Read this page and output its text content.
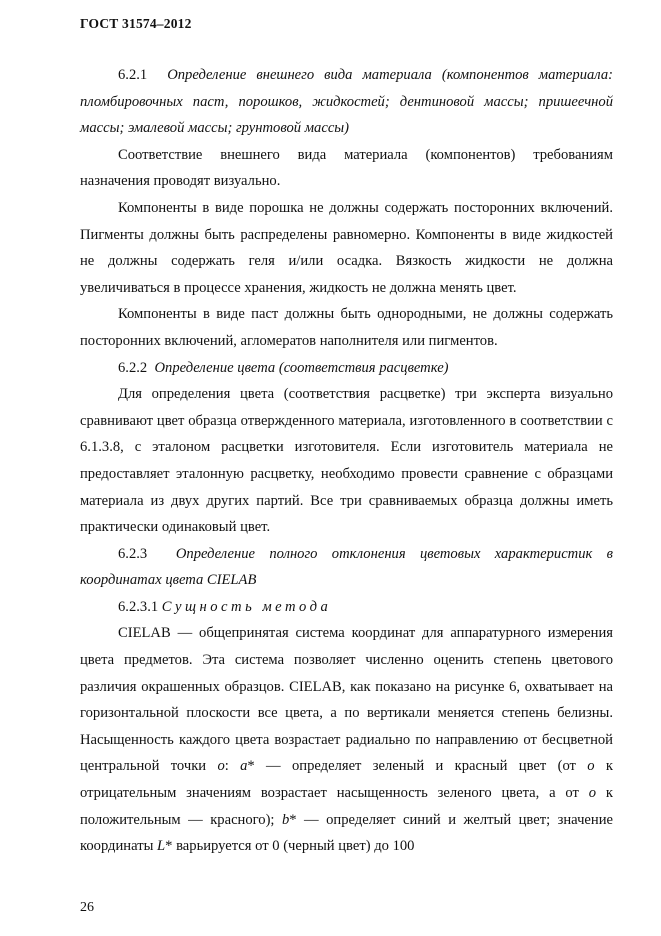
ГОСТ 31574–2012

6.2.1 Определение внешнего вида материала (компонентов материала: пломбировочных паст, порошков, жидкостей; дентиновой массы; пришеечной массы; эмалевой массы; грунтовой массы)

Соответствие внешнего вида материала (компонентов) требованиям назначения проводят визуально.

Компоненты в виде порошка не должны содержать посторонних включений. Пигменты должны быть распределены равномерно. Компоненты в виде жидкостей не должны содержать геля и/или осадка. Вязкость жидкости не должна увеличиваться в процессе хранения, жидкость не должна менять цвет.

Компоненты в виде паст должны быть однородными, не должны содержать посторонних включений, агломератов наполнителя или пигментов.

6.2.2 Определение цвета (соответствия расцветке)

Для определения цвета (соответствия расцветке) три эксперта визуально сравнивают цвет образца отвержденного материала, изготовленного в соответствии с 6.1.3.8, с эталоном расцветки изготовителя. Если изготовитель материала не предоставляет эталонную расцветку, необходимо провести сравнение с образцами материала из двух других партий. Все три сравниваемых образца должны иметь практически одинаковый цвет.

6.2.3 Определение полного отклонения цветовых характеристик в координатах цвета CIELAB

6.2.3.1 Сущность метода

CIELAB — общепринятая система координат для аппаратурного измерения цвета предметов. Эта система позволяет численно оценить степень цветового различия окрашенных образцов. CIELAB, как показано на рисунке 6, охватывает на горизонтальной плоскости все цвета, а по вертикали меняется степень белизны. Насыщенность каждого цвета возрастает радиально по направлению от бесцветной центральной точки o: a* — определяет зеленый и красный цвет (от o к отрицательным значениям возрастает насыщенность зеленого цвета, а от o к положительным — красного); b* — определяет синий и желтый цвет; значение координаты L* варьируется от 0 (черный цвет) до 100

26
